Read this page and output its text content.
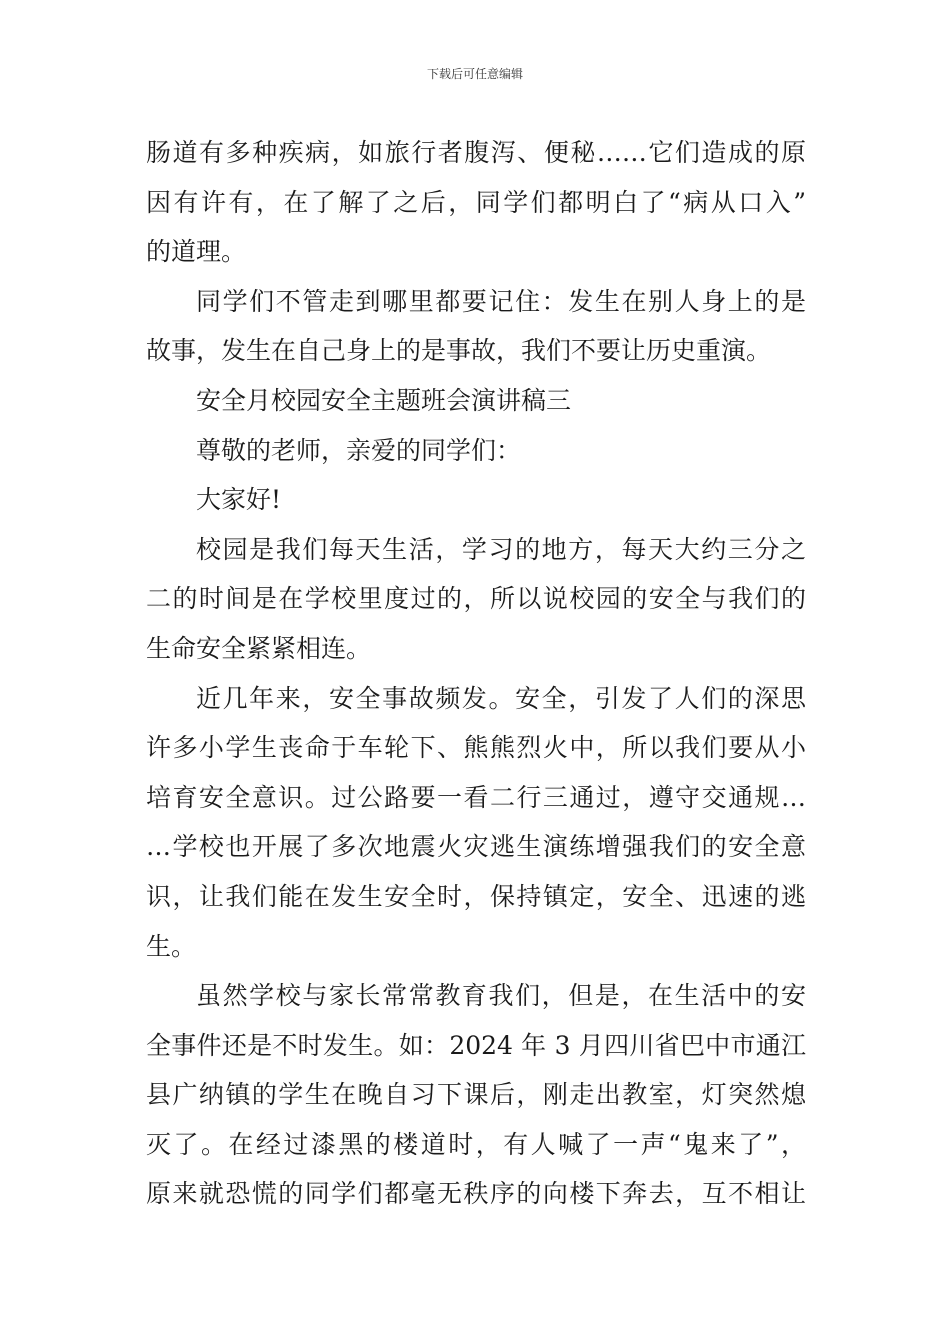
下载后可任意编辑
肠道有多种疾病，如旅行者腹泻、便秘……它们造成的原
因有许有，在了解了之后，同学们都明白了“病从口入”
的道理。
同学们不管走到哪里都要记住：发生在别人身上的是
故事，发生在自己身上的是事故，我们不要让历史重演。
安全月校园安全主题班会演讲稿三
尊敬的老师，亲爱的同学们：
大家好!
校园是我们每天生活，学习的地方，每天大约三分之
二的时间是在学校里度过的，所以说校园的安全与我们的
生命安全紧紧相连。
近几年来，安全事故频发。安全，引发了人们的深思
许多小学生丧命于车轮下、熊熊烈火中，所以我们要从小
培育安全意识。过公路要一看二行三通过，遵守交通规…
…学校也开展了多次地震火灾逃生演练增强我们的安全意
识，让我们能在发生安全时，保持镇定，安全、迅速的逃
生。
虽然学校与家长常常教育我们，但是，在生活中的安
全事件还是不时发生。如：2024 年 3 月四川省巴中市通江
县广纳镇的学生在晚自习下课后，刚走出教室，灯突然熄
灭了。在经过漆黑的楼道时，有人喊了一声“鬼来了”，
原来就恐慌的同学们都毫无秩序的向楼下奔去，互不相让
